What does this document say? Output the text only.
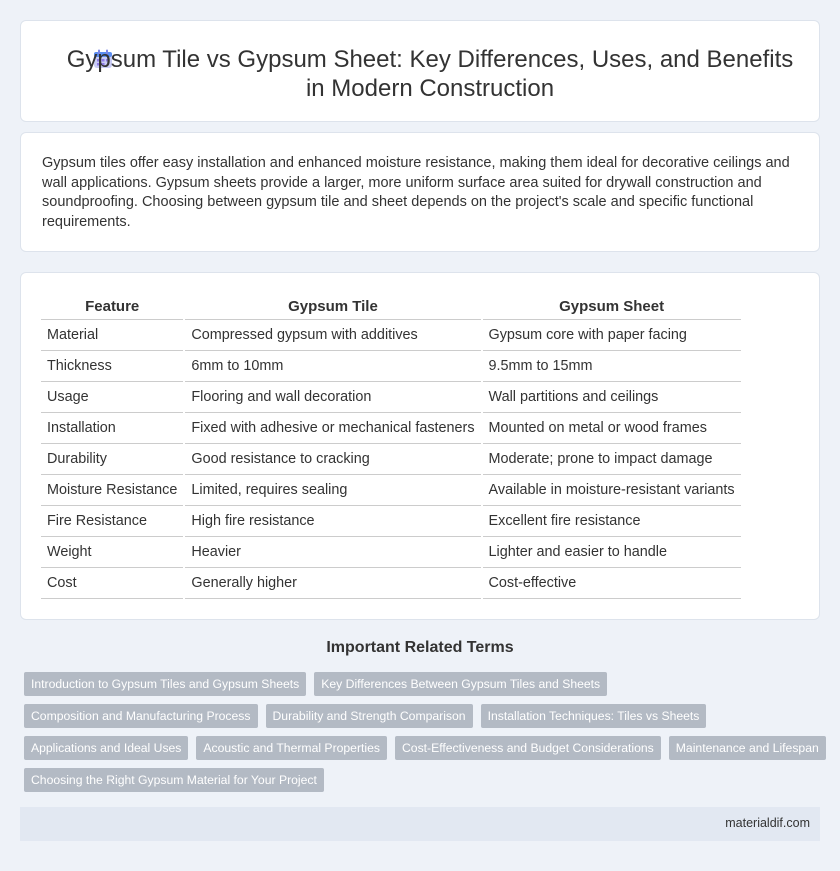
Gypsum Tile vs Gypsum Sheet: Key Differences, Uses, and Benefits in Modern Construction

Gypsum tiles offer easy installation and enhanced moisture resistance, making them ideal for decorative ceilings and wall applications. Gypsum sheets provide a larger, more uniform surface area suited for drywall construction and soundproofing. Choosing between gypsum tile and sheet depends on the project's scale and specific functional requirements.

Feature	Gypsum Tile	Gypsum Sheet
Material	Compressed gypsum with additives	Gypsum core with paper facing
Thickness	6mm to 10mm	9.5mm to 15mm
Usage	Flooring and wall decoration	Wall partitions and ceilings
Installation	Fixed with adhesive or mechanical fasteners	Mounted on metal or wood frames
Durability	Good resistance to cracking	Moderate; prone to impact damage
Moisture Resistance	Limited, requires sealing	Available in moisture-resistant variants
Fire Resistance	High fire resistance	Excellent fire resistance
Weight	Heavier	Lighter and easier to handle
Cost	Generally higher	Cost-effective
Important Related Terms
Introduction to Gypsum Tiles and Gypsum Sheets	Key Differences Between Gypsum Tiles and Sheets
Composition and Manufacturing Process	Durability and Strength Comparison	Installation Techniques: Tiles vs Sheets
Applications and Ideal Uses	Acoustic and Thermal Properties	Cost-Effectiveness and Budget Considerations	Maintenance and Lifespan
Choosing the Right Gypsum Material for Your Project
materialdif.com
